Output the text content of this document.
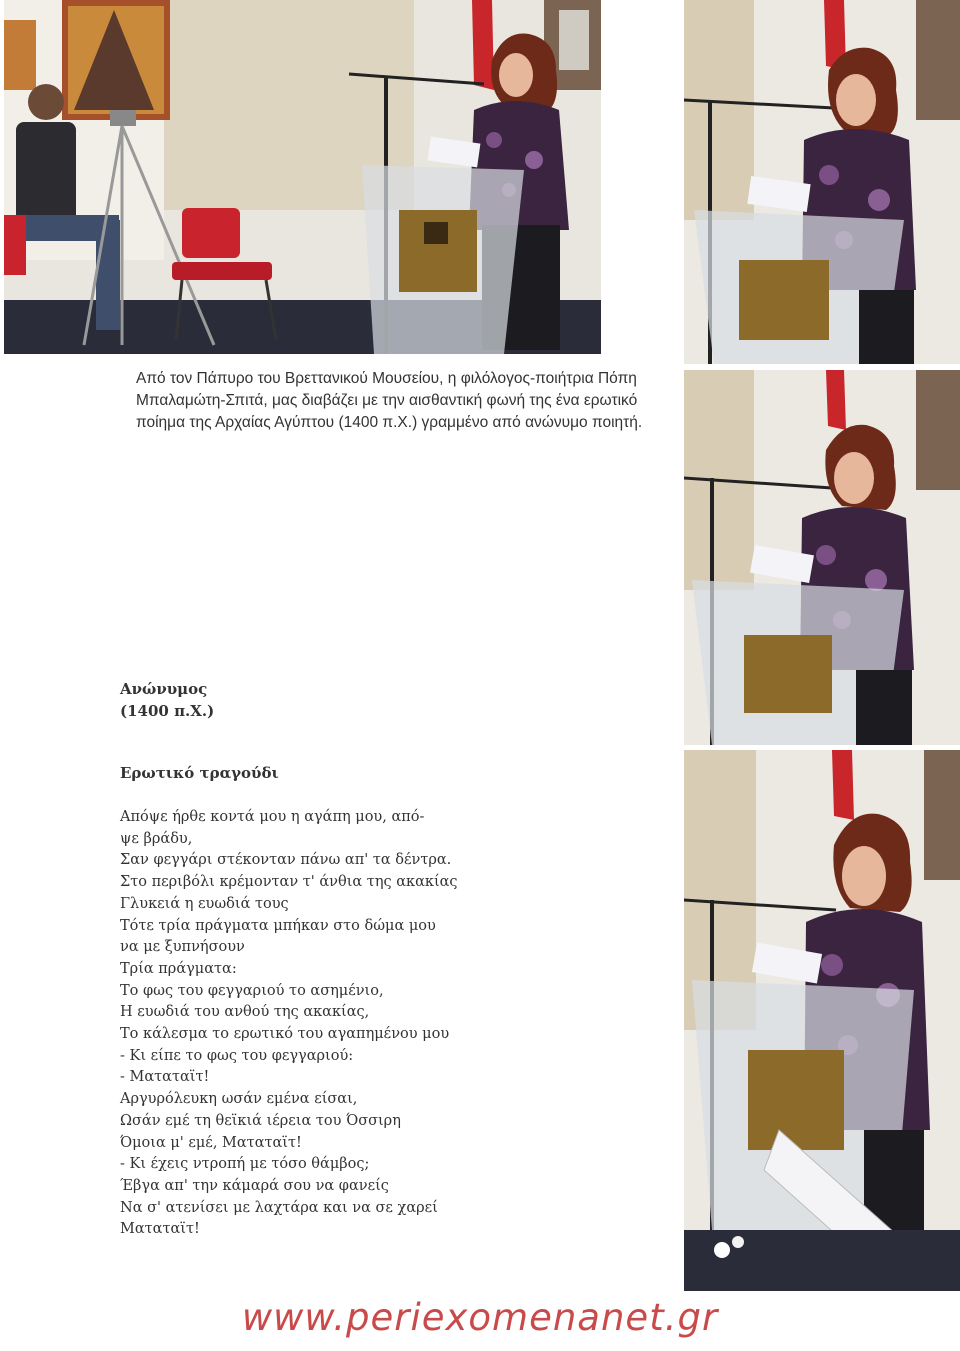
Από τον Πάπυρο του Βρεττανικού Μουσείου, η φιλόλογος-ποιήτρια Πόπη
Μπαλαμώτη-Σπιτά, μας διαβάζει με την αισθαντική φωνή της ένα ερωτικό
ποίημα της Αρχαίας Αγύπτου (1400 π.Χ.) γραμμένο από ανώνυμο ποιητή.
Ανώνυμος
(1400 π.Χ.)
Ερωτικό τραγούδι
Απόψε ήρθε κοντά μου η αγάπη μου, από-
ψε βράδυ,
Σαν φεγγάρι στέκονταν πάνω απ' τα δέντρα.
Στο περιβόλι κρέμονταν τ' άνθια της ακακίας
Γλυκειά η ευωδιά τους
Τότε τρία πράγματα μπήκαν στο δώμα μου
να με ξυπνήσουν
Τρία πράγματα:
Το φως του φεγγαριού το ασημένιο,
Η ευωδιά του ανθού της ακακίας,
Το κάλεσμα το ερωτικό του αγαπημένου μου
- Κι είπε το φως του φεγγαριού:
- Ματαταϊτ!
Αργυρόλευκη ωσάν εμένα είσαι,
Ωσάν εμέ τη θεϊκιά ιέρεια του Όσσιρη
Όμοια μ' εμέ, Ματαταϊτ!
- Κι έχεις ντροπή με τόσο θάμβος;
Έβγα απ' την κάμαρά σου να φανείς
Να σ' ατενίσει με λαχτάρα και να σε χαρεί
Ματαταϊτ!
www.periexomenanet.gr
